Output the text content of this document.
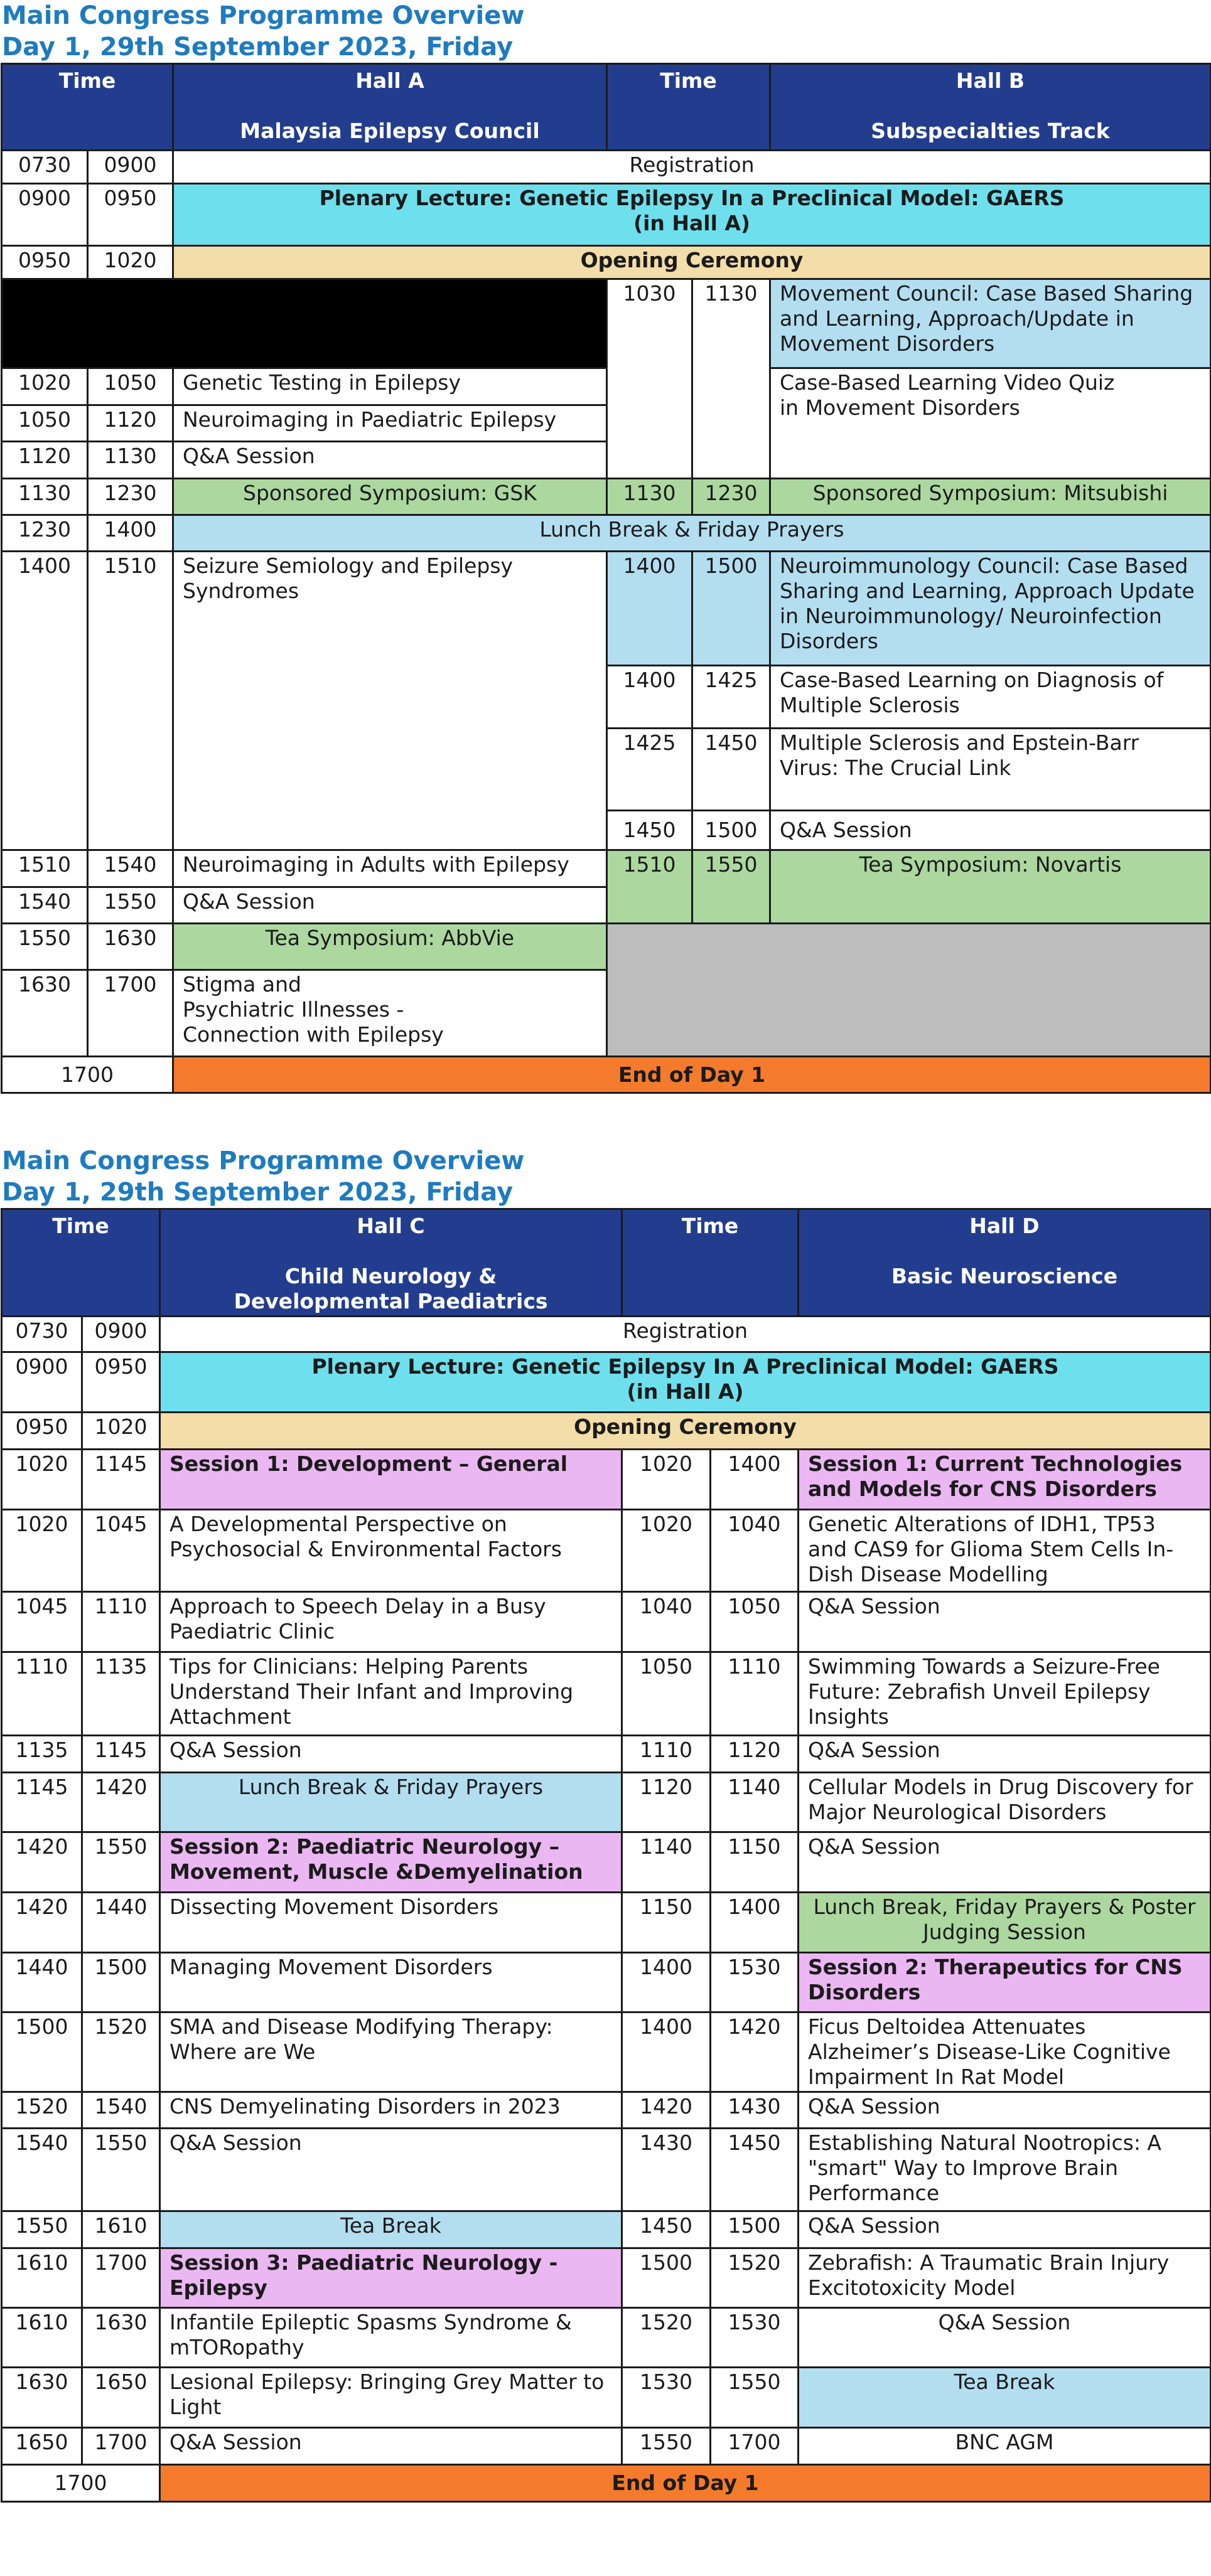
Main Congress Programme Overview
Day 1, 29th September 2023, Friday
Time		Hall A
Malaysia Epilepsy Council	Time		Hall B
Subspecialties Track

0730	0900	Registration			
0900	0950	Plenary Lecture: Genetic Epilepsy In a Preclinical Model: GAERS
(in Hall A)			
0950	1020	Opening Ceremony			
			1030	1130	Movement Council: Case Based Sharing and Learning, Approach/Update in Movement Disorders
1020	1050	Genetic Testing in Epilepsy			Case-Based Learning Video Quiz
in Movement Disorders
1050	1120	Neuroimaging in Paediatric Epilepsy			
1120	1130	Q&A Session			
1130	1230	Sponsored Symposium: GSK	1130	1230	Sponsored Symposium: Mitsubishi
1230	1400	Lunch Break & Friday Prayers			
1400	1510	Seizure Semiology and Epilepsy Syndromes	1400	1500	Neuroimmunology Council: Case Based Sharing and Learning, Approach Update in Neuroimmunology/ Neuroinfection Disorders
			1400	1425	Case-Based Learning on Diagnosis of Multiple Sclerosis
			1425	1450	Multiple Sclerosis and Epstein-Barr Virus: The Crucial Link
			1450	1500	Q&A Session
1510	1540	Neuroimaging in Adults with Epilepsy	1510	1550	Tea Symposium: Novartis
1540	1550	Q&A Session			
1550	1630	Tea Symposium: AbbVie			
1630	1700	Stigma and
Psychiatric Illnesses -
Connection with Epilepsy			
1700		End of Day 1			
Main Congress Programme Overview
Day 1, 29th September 2023, Friday
Time		Hall C
Child Neurology &
Developmental Paediatrics	Time		Hall D
Basic Neuroscience

0730	0900	Registration			
0900	0950	Plenary Lecture: Genetic Epilepsy In A Preclinical Model: GAERS
(in Hall A)			
0950	1020	Opening Ceremony			
1020	1145	Session 1: Development – General	1020	1400	Session 1: Current Technologies and Models for CNS Disorders
1020	1045	A Developmental Perspective on Psychosocial & Environmental Factors	1020	1040	Genetic Alterations of IDH1, TP53 and CAS9 for Glioma Stem Cells In-Dish Disease Modelling
1045	1110	Approach to Speech Delay in a Busy Paediatric Clinic	1040	1050	Q&A Session
1110	1135	Tips for Clinicians: Helping Parents Understand Their Infant and Improving Attachment	1050	1110	Swimming Towards a Seizure-Free Future: Zebrafish Unveil Epilepsy Insights
1135	1145	Q&A Session	1110	1120	Q&A Session
1145	1420	Lunch Break & Friday Prayers	1120	1140	Cellular Models in Drug Discovery for Major Neurological Disorders
1420	1550	Session 2: Paediatric Neurology – Movement, Muscle &Demyelination	1140	1150	Q&A Session
1420	1440	Dissecting Movement Disorders	1150	1400	Lunch Break, Friday Prayers & Poster Judging Session
1440	1500	Managing Movement Disorders	1400	1530	Session 2: Therapeutics for CNS Disorders
1500	1520	SMA and Disease Modifying Therapy: Where are We	1400	1420	Ficus Deltoidea Attenuates Alzheimer’s Disease-Like Cognitive Impairment In Rat Model
1520	1540	CNS Demyelinating Disorders in 2023	1420	1430	Q&A Session
1540	1550	Q&A Session	1430	1450	Establishing Natural Nootropics: A "smart" Way to Improve Brain Performance
1550	1610	Tea Break	1450	1500	Q&A Session
1610	1700	Session 3: Paediatric Neurology - Epilepsy	1500	1520	Zebrafish: A Traumatic Brain Injury Excitotoxicity Model
1610	1630	Infantile Epileptic Spasms Syndrome & mTORopathy	1520	1530	Q&A Session
1630	1650	Lesional Epilepsy: Bringing Grey Matter to Light	1530	1550	Tea Break
1650	1700	Q&A Session	1550	1700	BNC AGM
1700		End of Day 1			
